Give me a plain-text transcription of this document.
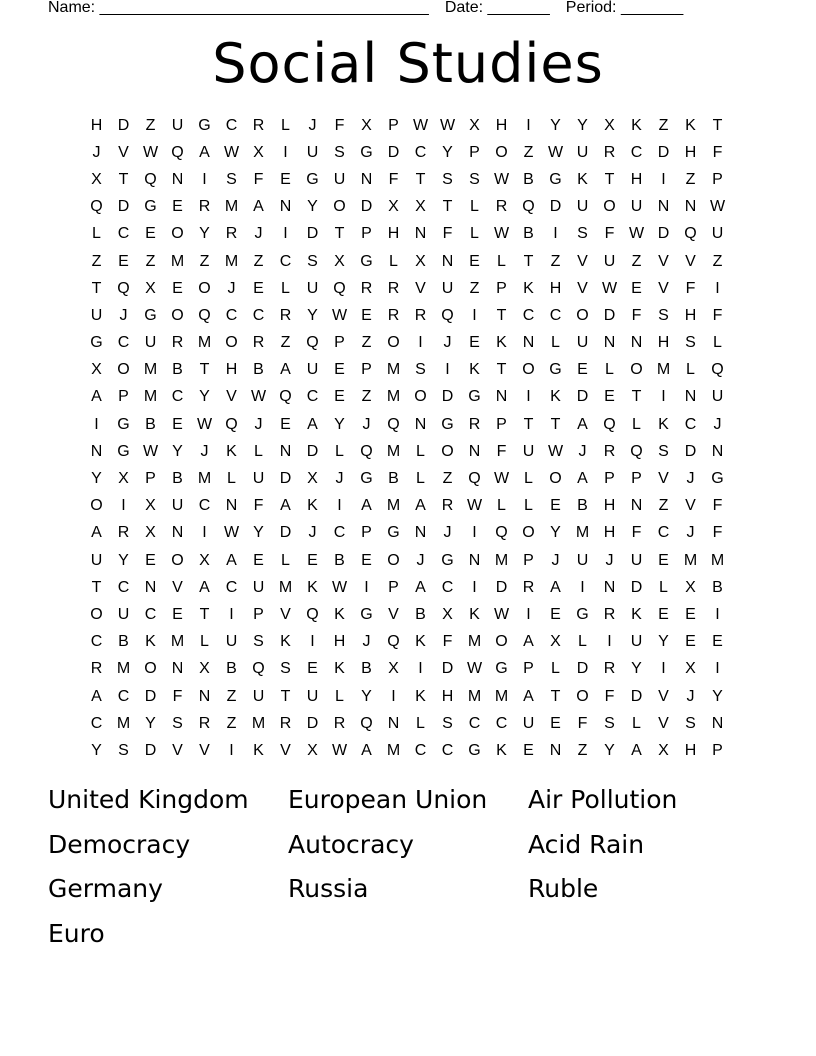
Name: _____________________________________ Date: _______ Period: _______
Social Studies
H D	Z	U G C R	L	J	F	X	P W W X H	I	Y	Y	X	K	Z	K	T
J	V W Q A W X	I	U S G D C Y	P O Z W U R C D H	F
X	T Q N	I	S	F	E G U N	F	T	S	S W B G K	T	H	I	Z	P
Q D G E R M A N Y O D X	X	T	L	R Q D U O U N N W
L	C E O Y R	J	I	D	T	P H N	F	L W B	I	S	F W D Q U
Z	E	Z M Z M Z	C S	X G	L	X N E	L	T	Z	V U	Z	V	V	Z
T Q X	E O	J	E	L	U Q R R V U	Z	P	K H V W E	V	F	I
U	J	G O Q C C R Y W E R R Q	I	T	C C O D	F	S H	F
G C U R M O R	Z Q P	Z O	I	J	E	K N	L	U N N H S	L
X O M B	T	H B	A U E	P M S	I	K	T O G E	L	O M L	Q
A	P M C Y	V W Q C E	Z M O D G N	I	K D E	T	I	N U
I	G B	E W Q	J	E	A	Y	J	Q N G R P	T	T	A Q	L	K C	J
N G W Y	J	K	L	N D	L	Q M L	O N	F	U W J	R Q S D N
Y	X	P	B M L	U D X	J	G B	L	Z Q W L	O A	P	P	V	J	G
O	I	X U C N	F	A	K	I	A M A R W L	L	E	B H N	Z	V	F
A R X N	I	W Y D	J	C P G N	J	I	Q O Y M H	F	C	J	F
U Y	E O X	A	E	L	E	B	E O	J	G N M P	J	U	J	U E M M
T	C N V	A C U M K W	I	P	A C	I	D R A	I	N D	L	X	B
O U C E	T	I	P	V Q K G V	B	X	K W	I	E G R K	E	E	I
C B	K M L	U S	K	I	H	J	Q K	F M O A	X	L	I	U Y	E	E
R M O N X	B Q S	E	K	B	X	I	D W G P	L	D R Y	I	X	I
A C D	F	N	Z	U	T	U	L	Y	I	K H M M A	T O F	D V	J	Y
C M Y	S R	Z M R D R Q N	L	S C C U E	F	S	L	V	S N
Y	S D V	V	I	K	V	X W A M C C G K	E N	Z	Y	A	X H P
United Kingdom	European Union	Air Pollution
Democracy	Autocracy	Acid Rain
Germany	Russia	Ruble
Euro
